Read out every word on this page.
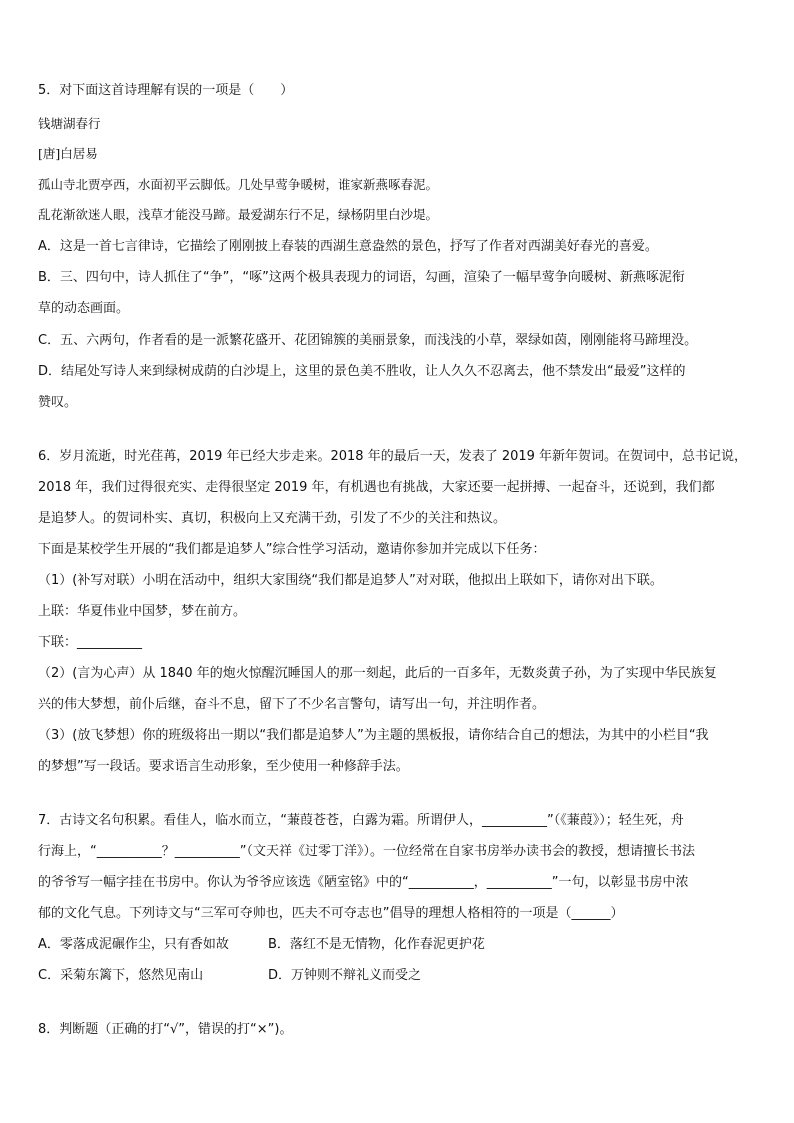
5．对下面这首诗理解有误的一项是（　　）
钱塘湖春行
[唐]白居易
孤山寺北贾亭西，水面初平云脚低。几处早莺争暖树，谁家新燕啄春泥。
乱花渐欲迷人眼，浅草才能没马蹄。最爱湖东行不足，绿杨阴里白沙堤。
A．这是一首七言律诗，它描绘了刚刚披上春装的西湖生意盎然的景色，抒写了作者对西湖美好春光的喜爱。
B．三、四句中，诗人抓住了“争”，“啄”这两个极具表现力的词语，勾画，渲染了一幅早莺争向暖树、新燕啄泥衔
草的动态画面。
C．五、六两句，作者看的是一派繁花盛开、花团锦簇的美丽景象，而浅浅的小草，翠绿如茵，刚刚能将马蹄埋没。
D．结尾处写诗人来到绿树成荫的白沙堤上，这里的景色美不胜收，让人久久不忍离去，他不禁发出“最爱”这样的
赞叹。
6．岁月流逝，时光荏苒，2019 年已经大步走来。2018 年的最后一天，发表了 2019 年新年贺词。在贺词中，总书记说，
2018 年，我们过得很充实、走得很坚定 2019 年，有机遇也有挑战，大家还要一起拼搏、一起奋斗，还说到，我们都
是追梦人。的贺词朴实、真切，积极向上又充满干劲，引发了不少的关注和热议。
下面是某校学生开展的“我们都是追梦人”综合性学习活动，邀请你参加并完成以下任务：
（1）(补写对联）小明在活动中，组织大家围绕“我们都是追梦人”对对联，他拟出上联如下，请你对出下联。
上联：华夏伟业中国梦，梦在前方。
下联：__________
（2）(言为心声）从 1840 年的炮火惊醒沉睡国人的那一刻起，此后的一百多年，无数炎黄子孙，为了实现中华民族复
兴的伟大梦想，前仆后继，奋斗不息，留下了不少名言警句，请写出一句，并注明作者。
（3）(放飞梦想）你的班级将出一期以“我们都是追梦人”为主题的黑板报，请你结合自己的想法，为其中的小栏目“我
的梦想”写一段话。要求语言生动形象，至少使用一种修辞手法。
7．古诗文名句积累。看佳人，临水而立，“蒹葭苍苍，白露为霜。所谓伊人，__________”（《蒹葭》）；轻生死，舟
行海上，“__________？__________”（文天祥《过零丁洋》）。一位经常在自家书房举办读书会的教授，想请擅长书法
的爷爷写一幅字挂在书房中。你认为爷爷应该选《陋室铭》中的“__________，__________”一句，以彰显书房中浓
郁的文化气息。下列诗文与“三军可夺帅也，匹夫不可夺志也”倡导的理想人格相符的一项是（______）
A．零落成泥碾作尘，只有香如故	B．落红不是无情物，化作春泥更护花
C．采菊东篱下，悠然见南山	D．万钟则不辩礼义而受之
8．判断题（正确的打“√”，错误的打“×”)。
